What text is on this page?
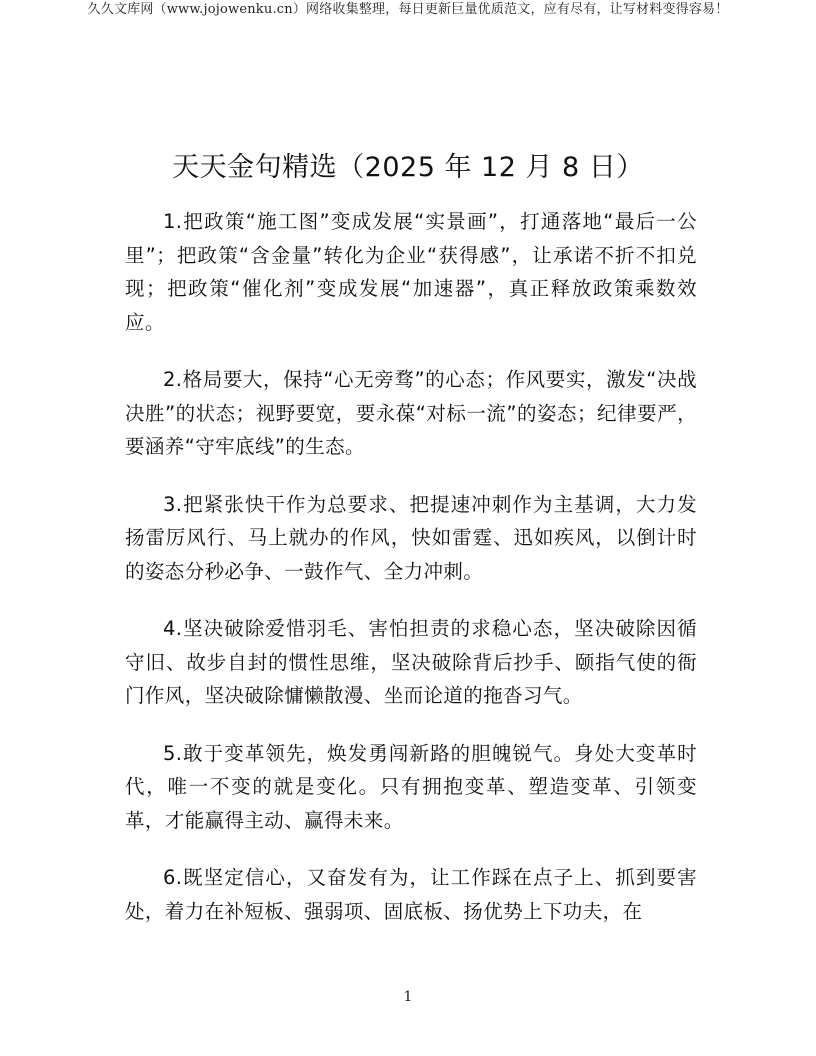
久久文库网（www.jojowenku.cn）网络收集整理，每日更新巨量优质范文，应有尽有，让写材料变得容易！
天天金句精选（2025 年 12 月 8 日）

1.把政策“施工图”变成发展“实景画”，打通落地“最后一公里”；把政策“含金量”转化为企业“获得感”，让承诺不折不扣兑现；把政策“催化剂”变成发展“加速器”，真正释放政策乘数效应。

2.格局要大，保持“心无旁骛”的心态；作风要实，激发“决战决胜”的状态；视野要宽，要永葆“对标一流”的姿态；纪律要严，要涵养“守牢底线”的生态。

3.把紧张快干作为总要求、把提速冲刺作为主基调，大力发扬雷厉风行、马上就办的作风，快如雷霆、迅如疾风，以倒计时的姿态分秒必争、一鼓作气、全力冲刺。

4.坚决破除爱惜羽毛、害怕担责的求稳心态，坚决破除因循守旧、故步自封的惯性思维，坚决破除背后抄手、颐指气使的衙门作风，坚决破除慵懒散漫、坐而论道的拖沓习气。

5.敢于变革领先，焕发勇闯新路的胆魄锐气。身处大变革时代，唯一不变的就是变化。只有拥抱变革、塑造变革、引领变革，才能赢得主动、赢得未来。

6.既坚定信心，又奋发有为，让工作踩在点子上、抓到要害处，着力在补短板、强弱项、固底板、扬优势上下功夫，在

1
